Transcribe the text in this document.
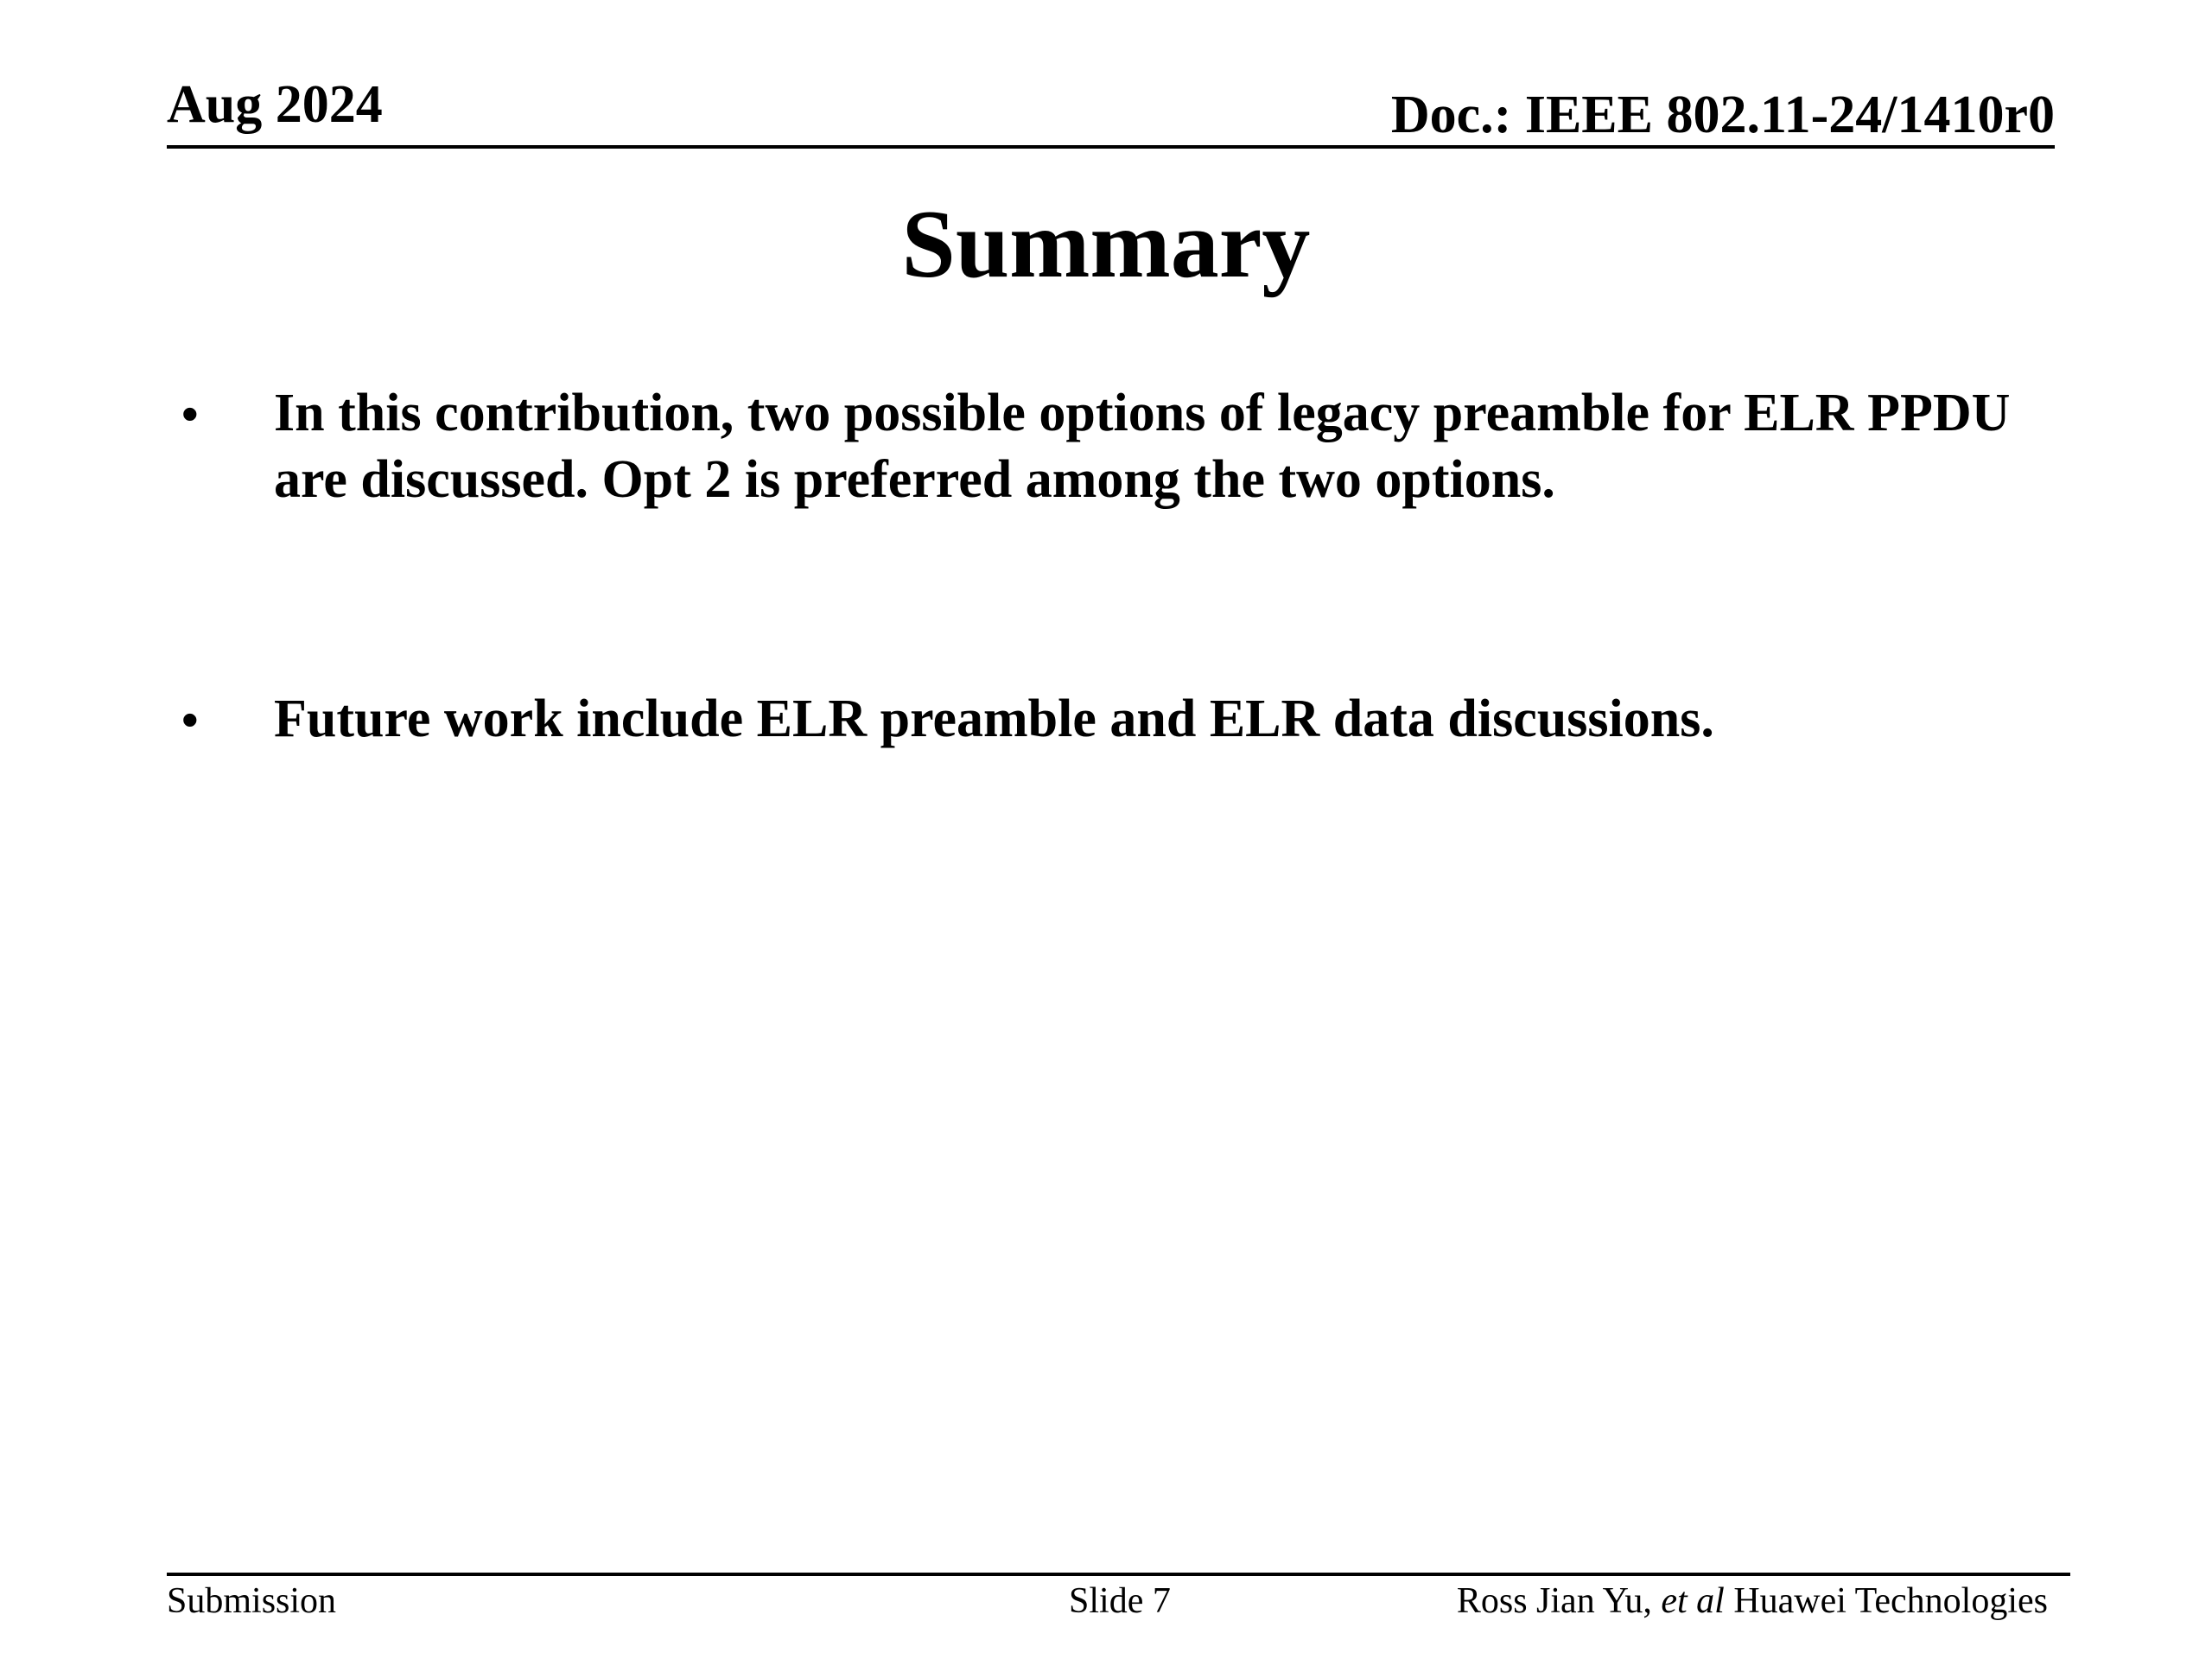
Aug 2024	Doc.: IEEE 802.11-24/1410r0
Summary
• In this contribution, two possible options of legacy preamble for ELR PPDU are discussed. Opt 2 is preferred among the two options.
• Future work include ELR preamble and ELR data discussions.
Submission	Slide 7	Ross Jian Yu, et al Huawei Technologies
